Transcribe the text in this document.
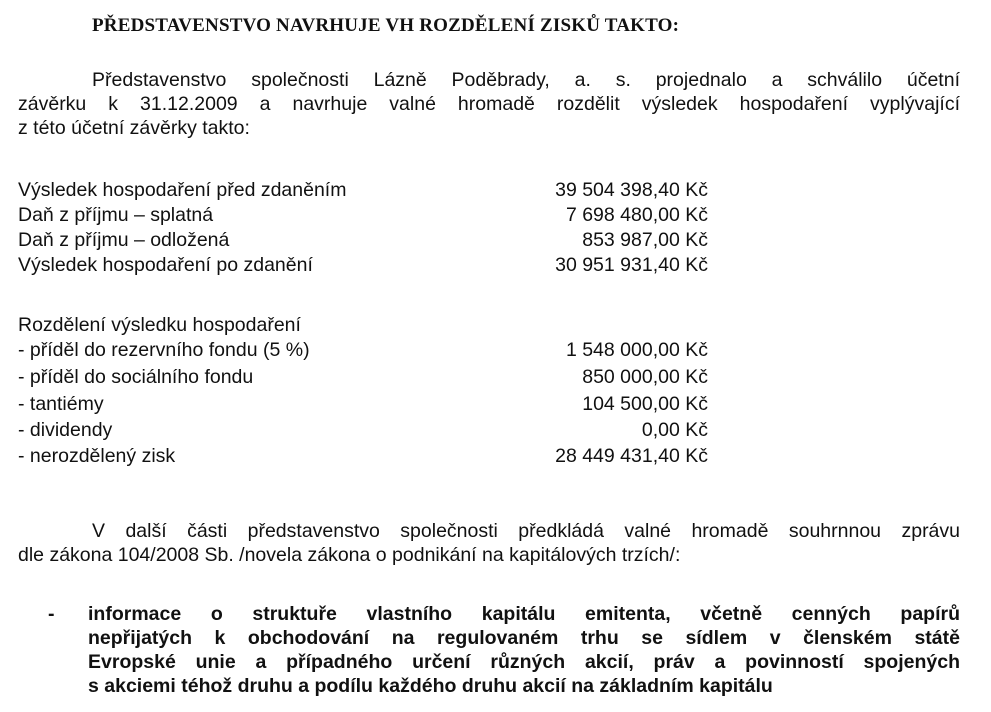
PŘEDSTAVENSTVO NAVRHUJE VH ROZDĚLENÍ ZISKŮ TAKTO:
Představenstvo společnosti Lázně Poděbrady, a. s. projednalo a schválilo účetní
závěrku k 31.12.2009 a navrhuje valné hromadě rozdělit výsledek hospodaření vyplývající
z této účetní závěrky takto:
Výsledek hospodaření před zdaněním	39 504 398,40 Kč
Daň z příjmu – splatná	7 698 480,00 Kč
Daň z příjmu – odložená	853 987,00 Kč
Výsledek hospodaření po zdanění	30 951 931,40 Kč
Rozdělení výsledku hospodaření
- příděl do rezervního fondu (5 %)	1 548 000,00 Kč
- příděl do sociálního fondu	850 000,00 Kč
- tantiémy	104 500,00 Kč
- dividendy	0,00 Kč
- nerozdělený zisk	28 449 431,40 Kč
V další části představenstvo společnosti předkládá valné hromadě souhrnnou zprávu
dle zákona 104/2008 Sb. /novela zákona o podnikání na kapitálových trzích/:
- informace o struktuře vlastního kapitálu emitenta, včetně cenných papírů
nepřijatých k obchodování na regulovaném trhu se sídlem v členském státě
Evropské unie a případného určení různých akcií, práv a povinností spojených
s akciemi téhož druhu a podílu každého druhu akcií na základním kapitálu
